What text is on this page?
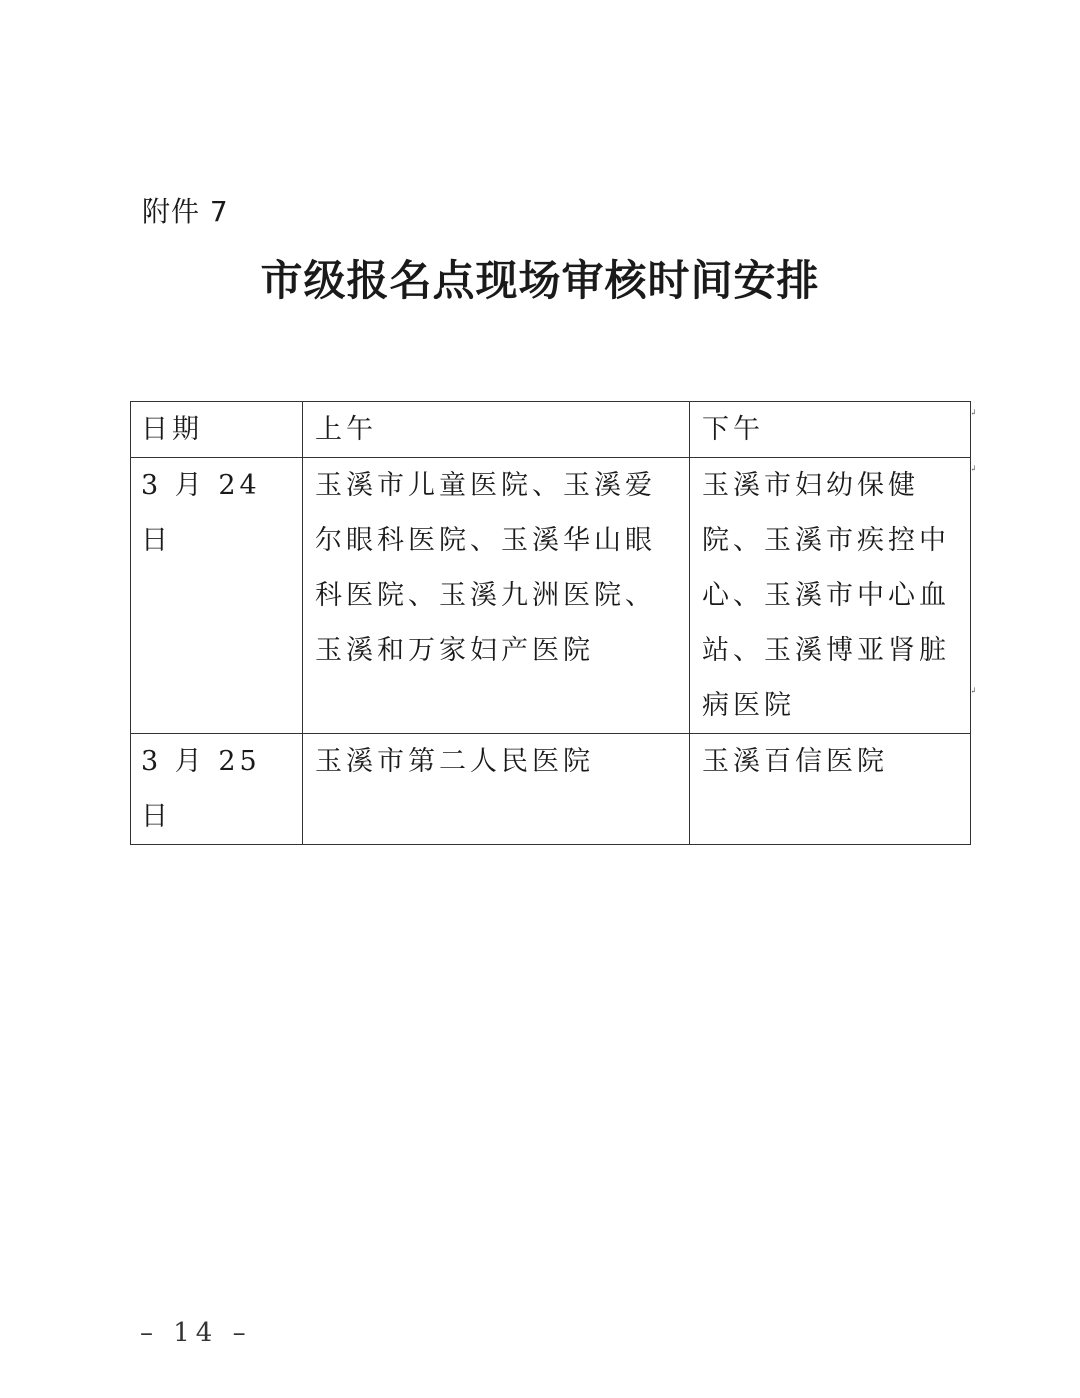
附件 7
市级报名点现场审核时间安排
日期	上午	下午
3 月 24 日	玉溪市儿童医院、玉溪爱尔眼科医院、玉溪华山眼科医院、玉溪九洲医院、玉溪和万家妇产医院	玉溪市妇幼保健院、玉溪市疾控中心、玉溪市中心血站、玉溪博亚肾脏病医院
3 月 25 日	玉溪市第二人民医院	玉溪百信医院
↲
↲
↲
– 14 –
